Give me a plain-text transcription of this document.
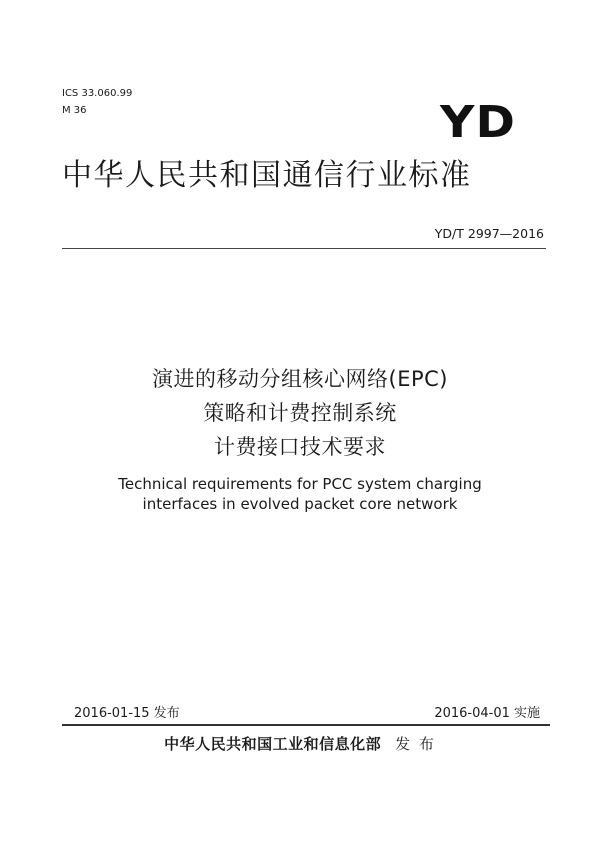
ICS 33.060.99
M 36	YD
中华人民共和国通信行业标准
YD/T 2997—2016
演进的移动分组核心网络(EPC)
策略和计费控制系统
计费接口技术要求
Technical requirements for PCC system charging
interfaces in evolved packet core network
2016-01-15 发布	2016-04-01 实施
中华人民共和国工业和信息化部 发 布
